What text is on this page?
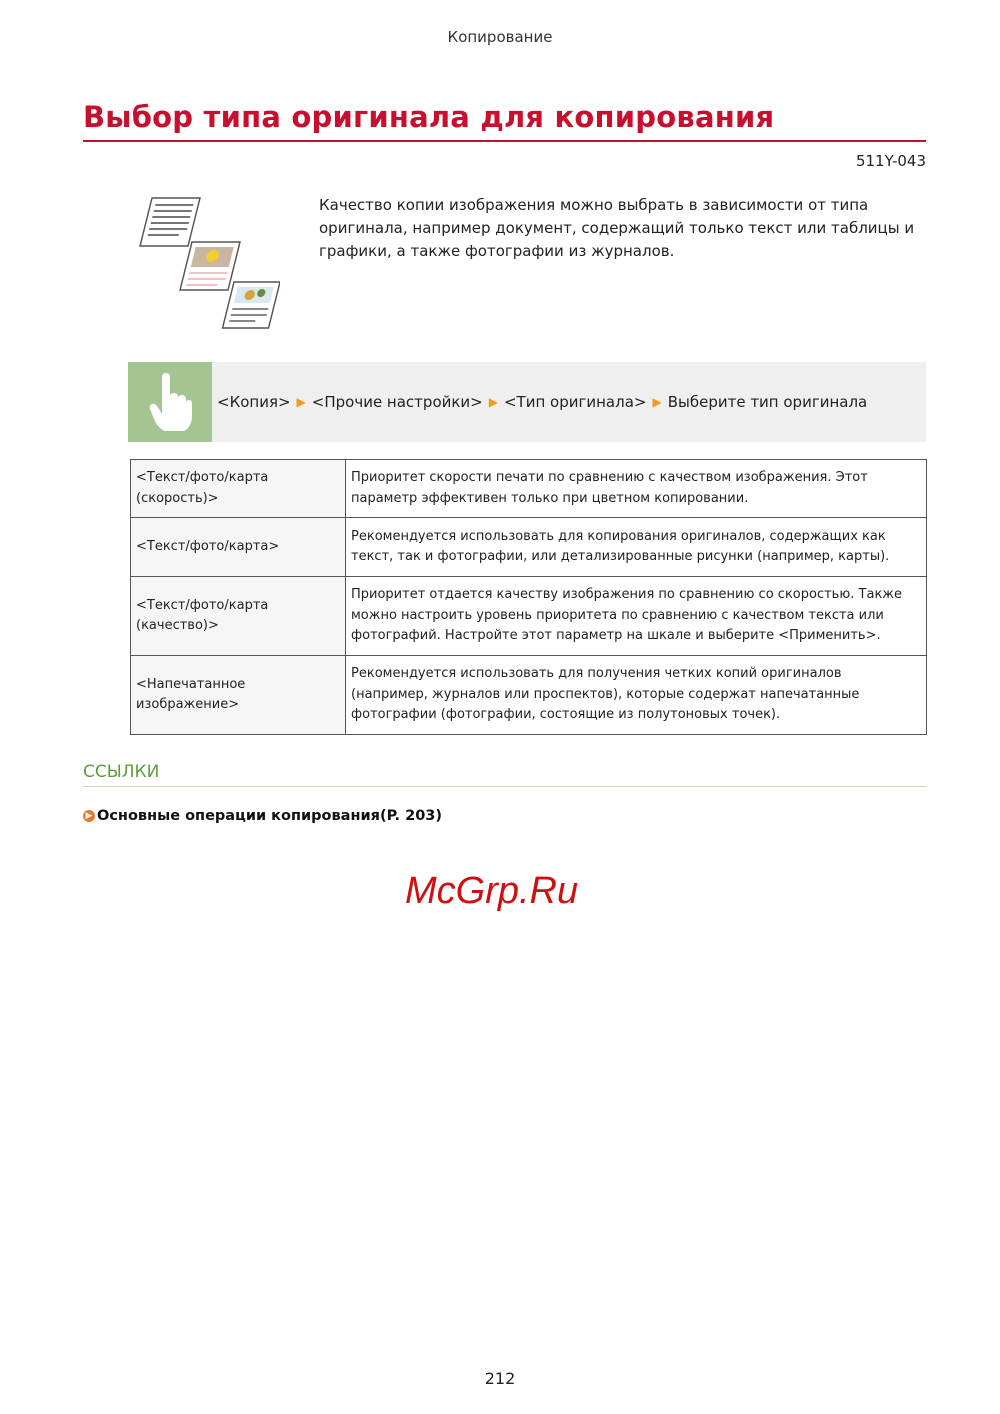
Копирование
Выбор типа оригинала для копирования
511Y-043
Качество копии изображения можно выбрать в зависимости от типа оригинала, например документ, содержащий только текст или таблицы и графики, а также фотографии из журналов.
<Копия> ▶ <Прочие настройки> ▶ <Тип оригинала> ▶ Выберите тип оригинала
<Текст/фото/карта (скорость)>	Приоритет скорости печати по сравнению с качеством изображения. Этот параметр эффективен только при цветном копировании.
<Текст/фото/карта>	Рекомендуется использовать для копирования оригиналов, содержащих как текст, так и фотографии, или детализированные рисунки (например, карты).
<Текст/фото/карта (качество)>	Приоритет отдается качеству изображения по сравнению со скоростью. Также можно настроить уровень приоритета по сравнению с качеством текста или фотографий. Настройте этот параметр на шкале и выберите <Применить>.
<Напечатанное изображение>	Рекомендуется использовать для получения четких копий оригиналов (например, журналов или проспектов), которые содержат напечатанные фотографии (фотографии, состоящие из полутоновых точек).
ССЫЛКИ
▶ Основные операции копирования(P. 203)
McGrp.Ru
212
